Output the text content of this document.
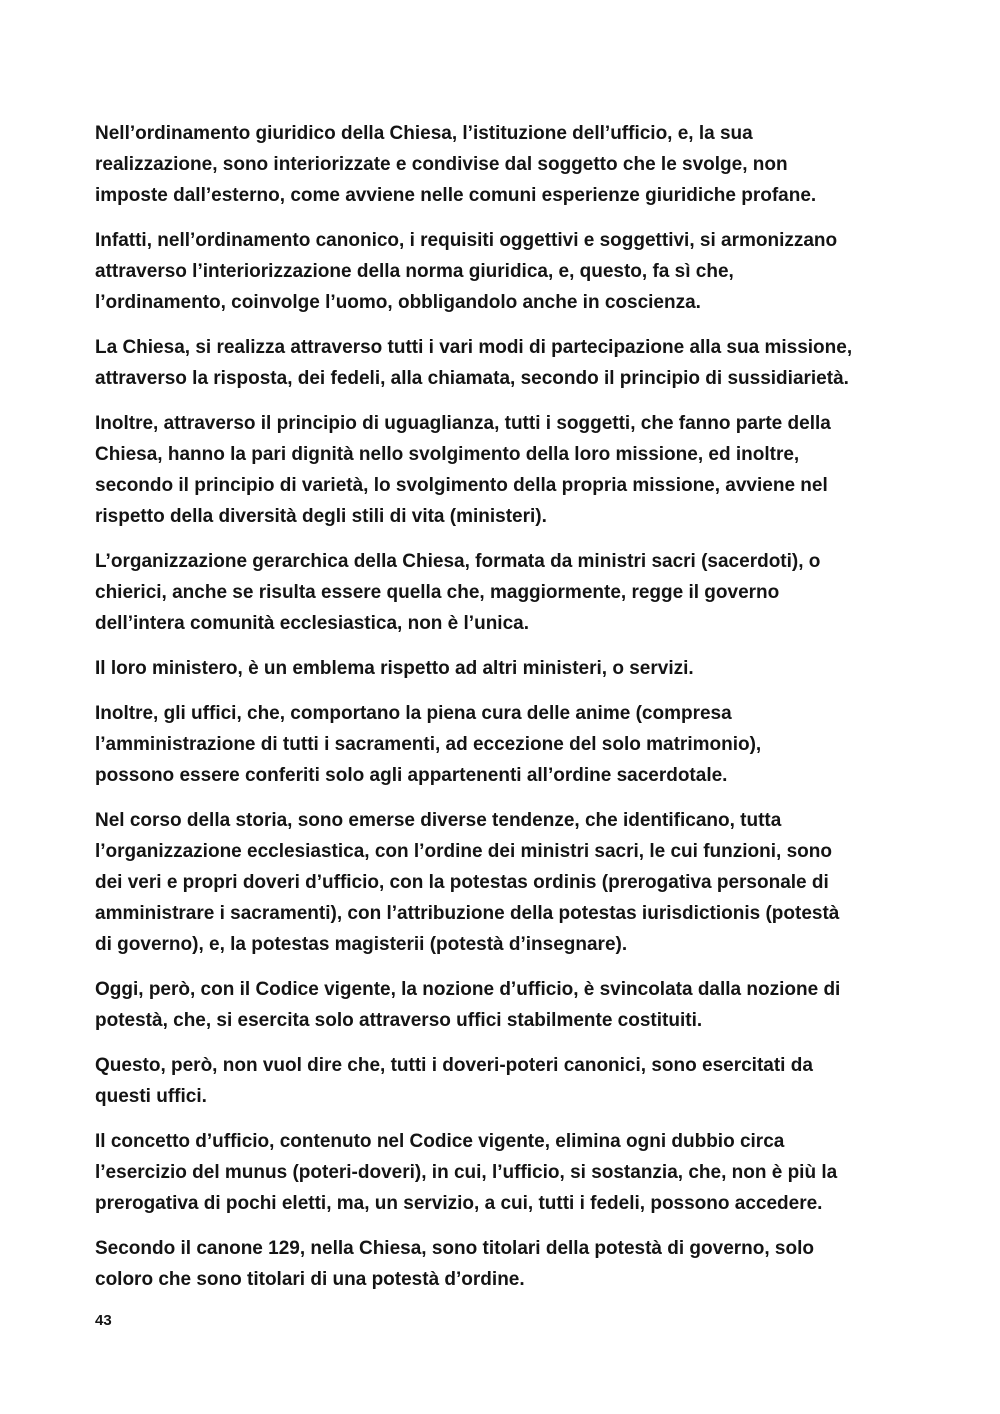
Nell’ordinamento giuridico della Chiesa, l’istituzione dell’ufficio, e, la sua
realizzazione, sono interiorizzate e condivise dal soggetto che le svolge, non
imposte dall’esterno, come avviene nelle comuni esperienze giuridiche profane.

Infatti, nell’ordinamento canonico, i requisiti oggettivi e soggettivi, si armonizzano
attraverso l’interiorizzazione della norma giuridica, e, questo, fa sì che,
l’ordinamento, coinvolge l’uomo, obbligandolo anche in coscienza.

La Chiesa, si realizza attraverso tutti i vari modi di partecipazione alla sua missione,
attraverso la risposta, dei fedeli, alla chiamata, secondo il principio di sussidiarietà.

Inoltre, attraverso il principio di uguaglianza, tutti i soggetti, che fanno parte della
Chiesa, hanno la pari dignità nello svolgimento della loro missione, ed inoltre,
secondo il principio di varietà, lo svolgimento della propria missione, avviene nel
rispetto della diversità degli stili di vita (ministeri).

L’organizzazione gerarchica della Chiesa, formata da ministri sacri (sacerdoti), o
chierici, anche se risulta essere quella che, maggiormente, regge il governo
dell’intera comunità ecclesiastica, non è l’unica.

Il loro ministero, è un emblema rispetto ad altri ministeri, o servizi.

Inoltre, gli uffici, che, comportano la piena cura delle anime (compresa
l’amministrazione di tutti i sacramenti, ad eccezione del solo matrimonio),
possono essere conferiti solo agli appartenenti all’ordine sacerdotale.

Nel corso della storia, sono emerse diverse tendenze, che identificano, tutta
l’organizzazione ecclesiastica, con l’ordine dei ministri sacri, le cui funzioni, sono
dei veri e propri doveri d’ufficio, con la potestas ordinis (prerogativa personale di
amministrare i sacramenti), con l’attribuzione della potestas iurisdictionis (potestà
di governo), e, la potestas magisterii (potestà d’insegnare).

Oggi, però, con il Codice vigente, la nozione d’ufficio, è svincolata dalla nozione di
potestà, che, si esercita solo attraverso uffici stabilmente costituiti.

Questo, però, non vuol dire che, tutti i doveri-poteri canonici, sono esercitati da
questi uffici.

Il concetto d’ufficio, contenuto nel Codice vigente, elimina ogni dubbio circa
l’esercizio del munus (poteri-doveri), in cui, l’ufficio, si sostanzia, che, non è più la
prerogativa di pochi eletti, ma, un servizio, a cui, tutti i fedeli, possono accedere.

Secondo il canone 129, nella Chiesa, sono titolari della potestà di governo, solo
coloro che sono titolari di una potestà d’ordine.

43
